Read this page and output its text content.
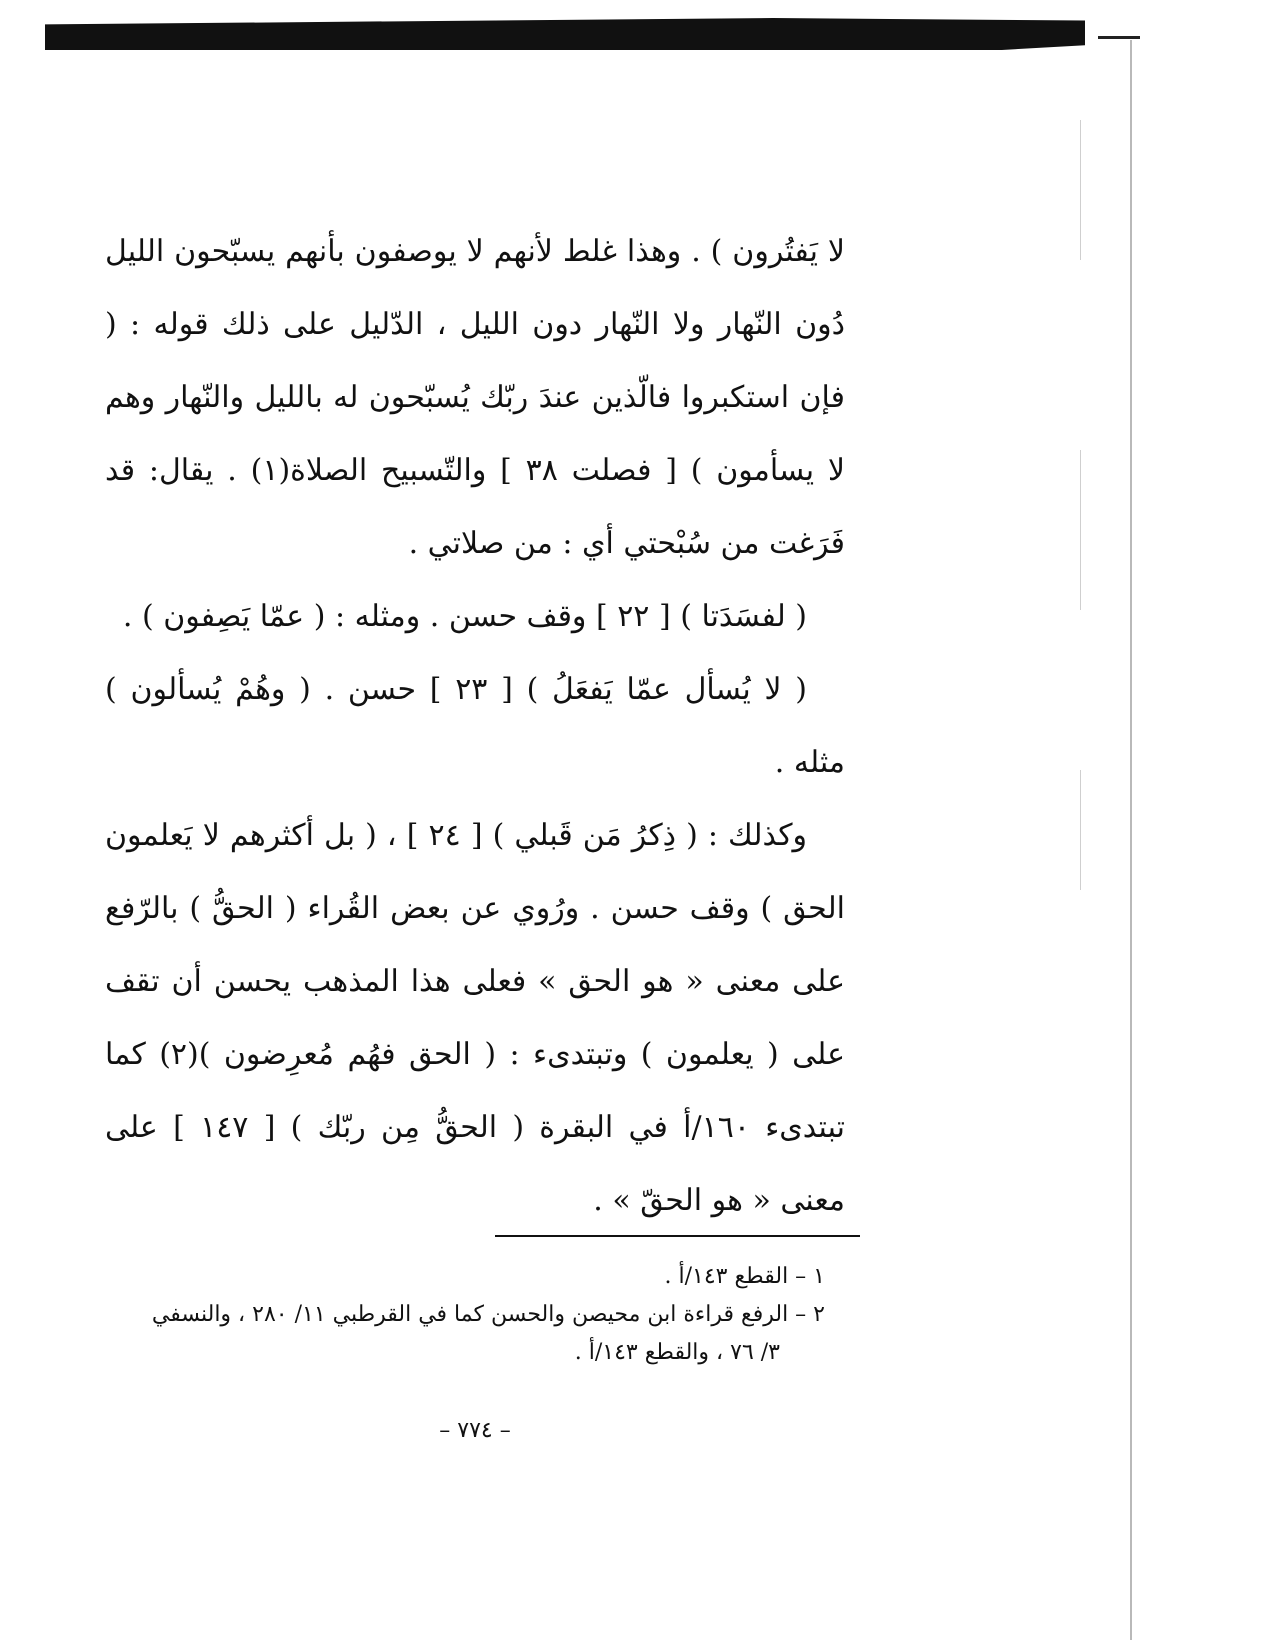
لا يَفتُرون ) . وهذا غلط لأنهم لا يوصفون بأنهم يسبّحون الليل دُون النّهار ولا النّهار دون الليل ، الدّليل على ذلك قوله : ( فإن استكبروا فالّذين عندَ ربّك يُسبّحون له بالليل والنّهار وهم لا يسأمون ) [ فصلت ٣٨ ] والتّسبيح الصلاة(١) . يقال: قد فَرَغت من سُبْحتي أي : من صلاتي .

( لفسَدَتا ) [ ٢٢ ] وقف حسن . ومثله : ( عمّا يَصِفون ) .

( لا يُسأل عمّا يَفعَلُ ) [ ٢٣ ] حسن . ( وهُمْ يُسألون ) مثله .

وكذلك : ( ذِكرُ مَن قَبلي ) [ ٢٤ ] ، ( بل أكثرهم لا يَعلمون الحق ) وقف حسن . ورُوي عن بعض القُراء ( الحقُّ ) بالرّفع على معنى « هو الحق » فعلى هذا المذهب يحسن أن تقف على ( يعلمون ) وتبتدىء : ( الحق فهُم مُعرِضون )(٢) كما تبتدىء ١٦٠/أ في البقرة ( الحقُّ مِن ربّك ) [ ١٤٧ ] على معنى « هو الحقّ » .

١ – القطع ١٤٣/أ .

٢ – الرفع قراءة ابن محيصن والحسن كما في القرطبي ١١/ ٢٨٠ ، والنسفي

٣/ ٧٦ ، والقطع ١٤٣/أ .

– ٧٧٤ –
